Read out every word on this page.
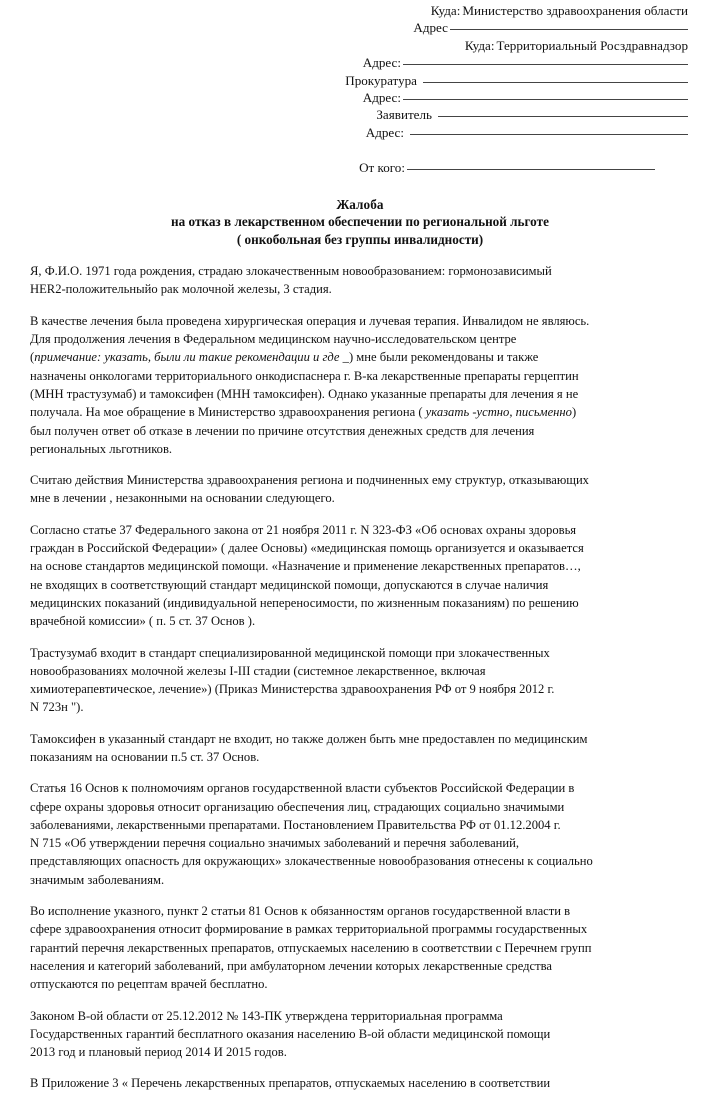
Куда: Министерство здравоохранения области
Адрес
Куда: Территориальный Росздравнадзор
Адрес:
Прокуратура
Адрес:
Заявитель
Адрес:
От кого:
Жалоба
на отказ в лекарственном обеспечении по региональной льготе
( онкобольная без группы инвалидности)

Я, Ф.И.О. 1971 года рождения, страдаю злокачественным новообразованием: гормонозависимый
HER2-положительныйо рак молочной железы, 3 стадия.

В качестве лечения была проведена хирургическая операция и лучевая терапия. Инвалидом не являюсь.
Для продолжения лечения в Федеральном медицинском научно-исследовательском центре
(примечание: указать, были ли такие рекомендации и где _) мне были рекомендованы и также
назначены онкологами территориального онкодиспаснера г. В-ка лекарственные препараты герцептин
(МНН трастузумаб) и тамоксифен (МНН тамоксифен). Однако указанные препараты для лечения я не
получала. На мое обращение в Министерство здравоохранения региона ( указать -устно, письменно)
был получен ответ об отказе в лечении по причине отсутствия денежных средств для лечения
региональных льготников.

Считаю действия Министерства здравоохранения региона и подчиненных ему структур, отказывающих
мне в лечении , незаконными на основании следующего.

Согласно статье 37 Федерального закона от 21 ноября 2011 г. N 323-ФЗ «Об основах охраны здоровья
граждан в Российской Федерации» ( далее Основы) «медицинская помощь организуется и оказывается
на основе стандартов медицинской помощи. «Назначение и применение лекарственных препаратов…,
не входящих в соответствующий стандарт медицинской помощи, допускаются в случае наличия
медицинских показаний (индивидуальной непереносимости, по жизненным показаниям) по решению
врачебной комиссии» ( п. 5 ст. 37 Основ ).

Трастузумаб входит в стандарт специализированной медицинской помощи при злокачественных
новообразованиях молочной железы I-III стадии (системное лекарственное, включая
химиотерапевтическое, лечение») (Приказ Министерства здравоохранения РФ от 9 ноября 2012 г.
N 723н ").

Тамоксифен в указанный стандарт не входит, но также должен быть мне предоставлен по медицинским
показаниям на основании п.5 ст. 37 Основ.

Статья 16 Основ к полномочиям органов государственной власти субъектов Российской Федерации в
сфере охраны здоровья относит организацию обеспечения лиц, страдающих социально значимыми
заболеваниями, лекарственными препаратами. Постановлением Правительства РФ от 01.12.2004 г.
N 715 «Об утверждении перечня социально значимых заболеваний и перечня заболеваний,
представляющих опасность для окружающих» злокачественные новообразования отнесены к социально
значимым заболеваниям.

Во исполнение указного, пункт 2 статьи 81 Основ к обязанностям органов государственной власти в
сфере здравоохранения относит формирование в рамках территориальной программы государственных
гарантий перечня лекарственных препаратов, отпускаемых населению в соответствии с Перечнем групп
населения и категорий заболеваний, при амбулаторном лечении которых лекарственные средства
отпускаются по рецептам врачей бесплатно.

Законом В-ой области от 25.12.2012 № 143-ПК утверждена территориальная программа
Государственных гарантий бесплатного оказания населению В-ой области медицинской помощи
2013 год и плановый период 2014 И 2015 годов.

В Приложение 3 « Перечень лекарственных препаратов, отпускаемых населению в соответствии
